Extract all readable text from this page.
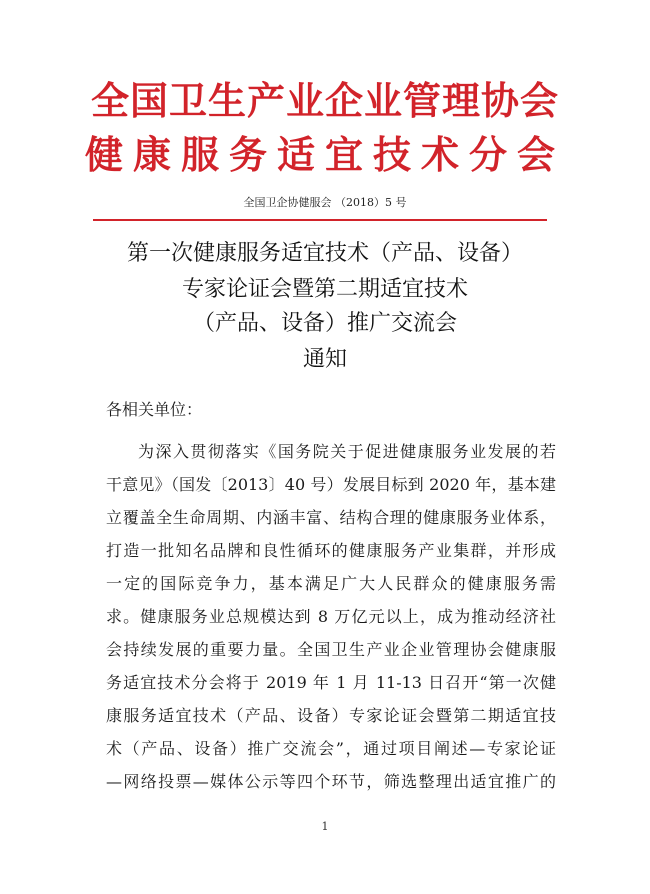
全国卫生产业企业管理协会
健康服务适宜技术分会
全国卫企协健服会 （2018）5 号
第一次健康服务适宜技术（产品、设备）
专家论证会暨第二期适宜技术
（产品、设备）推广交流会
通知
各相关单位：
为深入贯彻落实《国务院关于促进健康服务业发展的若
干意见》（国发〔2013〕40 号）发展目标到 2020 年，基本建
立覆盖全生命周期、内涵丰富、结构合理的健康服务业体系，
打造一批知名品牌和良性循环的健康服务产业集群，并形成
一定的国际竞争力，基本满足广大人民群众的健康服务需
求。健康服务业总规模达到 8 万亿元以上，成为推动经济社
会持续发展的重要力量。全国卫生产业企业管理协会健康服
务适宜技术分会将于 2019 年 1 月 11-13 日召开“第一次健
康服务适宜技术（产品、设备）专家论证会暨第二期适宜技
术（产品、设备）推广交流会”，通过项目阐述—专家论证
—网络投票—媒体公示等四个环节，筛选整理出适宜推广的
1
